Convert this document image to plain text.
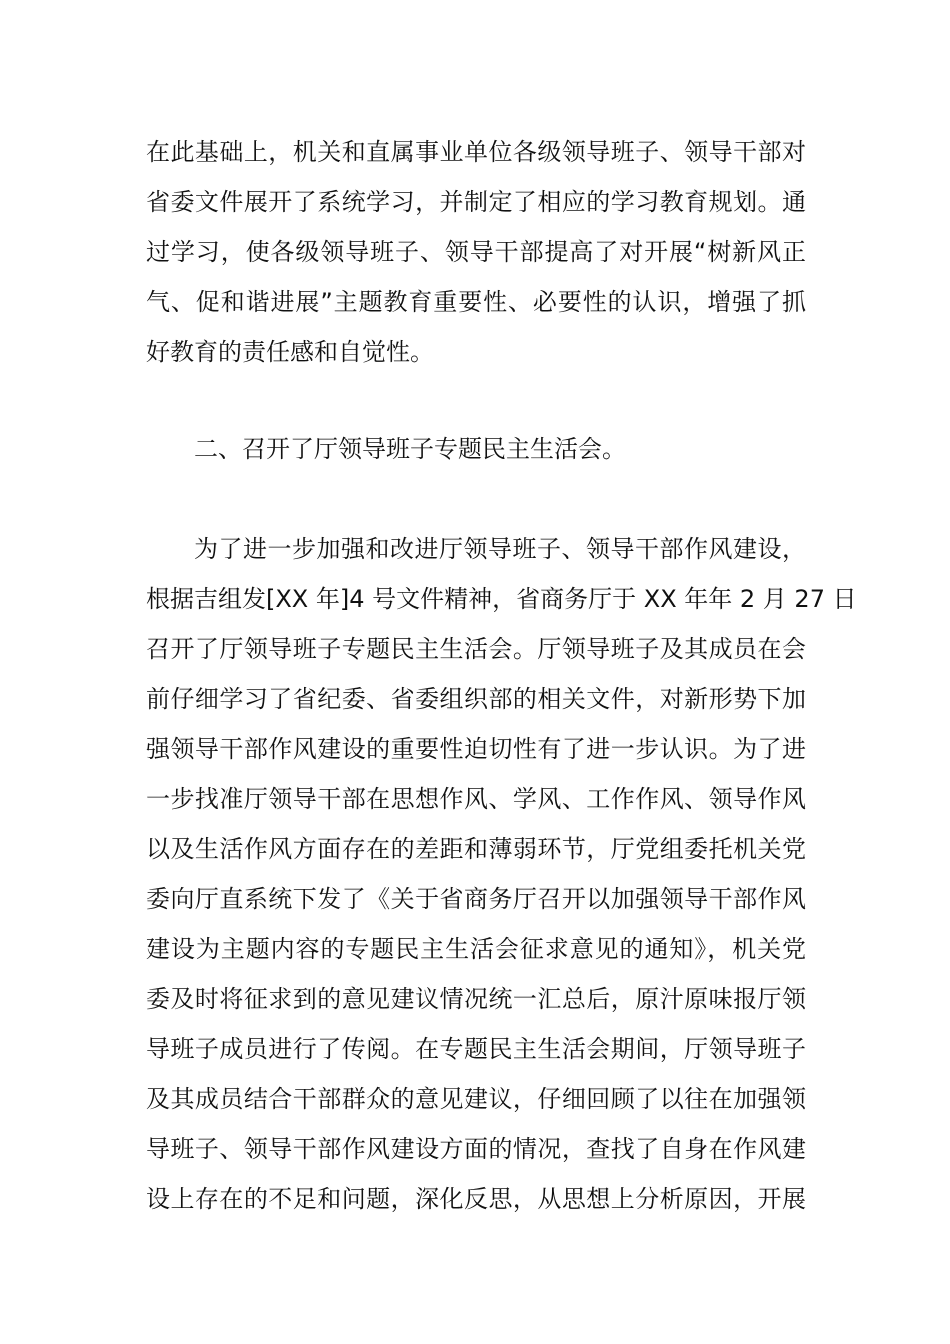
在此基础上，机关和直属事业单位各级领导班子、领导干部对
省委文件展开了系统学习，并制定了相应的学习教育规划。通
过学习，使各级领导班子、领导干部提高了对开展“树新风正
气、促和谐进展”主题教育重要性、必要性的认识，增强了抓
好教育的责任感和自觉性。
二、召开了厅领导班子专题民主生活会。
为了进一步加强和改进厅领导班子、领导干部作风建设，
根据吉组发[XX 年]4 号文件精神，省商务厅于 XX 年年 2 月 27 日
召开了厅领导班子专题民主生活会。厅领导班子及其成员在会
前仔细学习了省纪委、省委组织部的相关文件，对新形势下加
强领导干部作风建设的重要性迫切性有了进一步认识。为了进
一步找准厅领导干部在思想作风、学风、工作作风、领导作风
以及生活作风方面存在的差距和薄弱环节，厅党组委托机关党
委向厅直系统下发了《关于省商务厅召开以加强领导干部作风
建设为主题内容的专题民主生活会征求意见的通知》，机关党
委及时将征求到的意见建议情况统一汇总后，原汁原味报厅领
导班子成员进行了传阅。在专题民主生活会期间，厅领导班子
及其成员结合干部群众的意见建议，仔细回顾了以往在加强领
导班子、领导干部作风建设方面的情况，查找了自身在作风建
设上存在的不足和问题，深化反思，从思想上分析原因，开展
